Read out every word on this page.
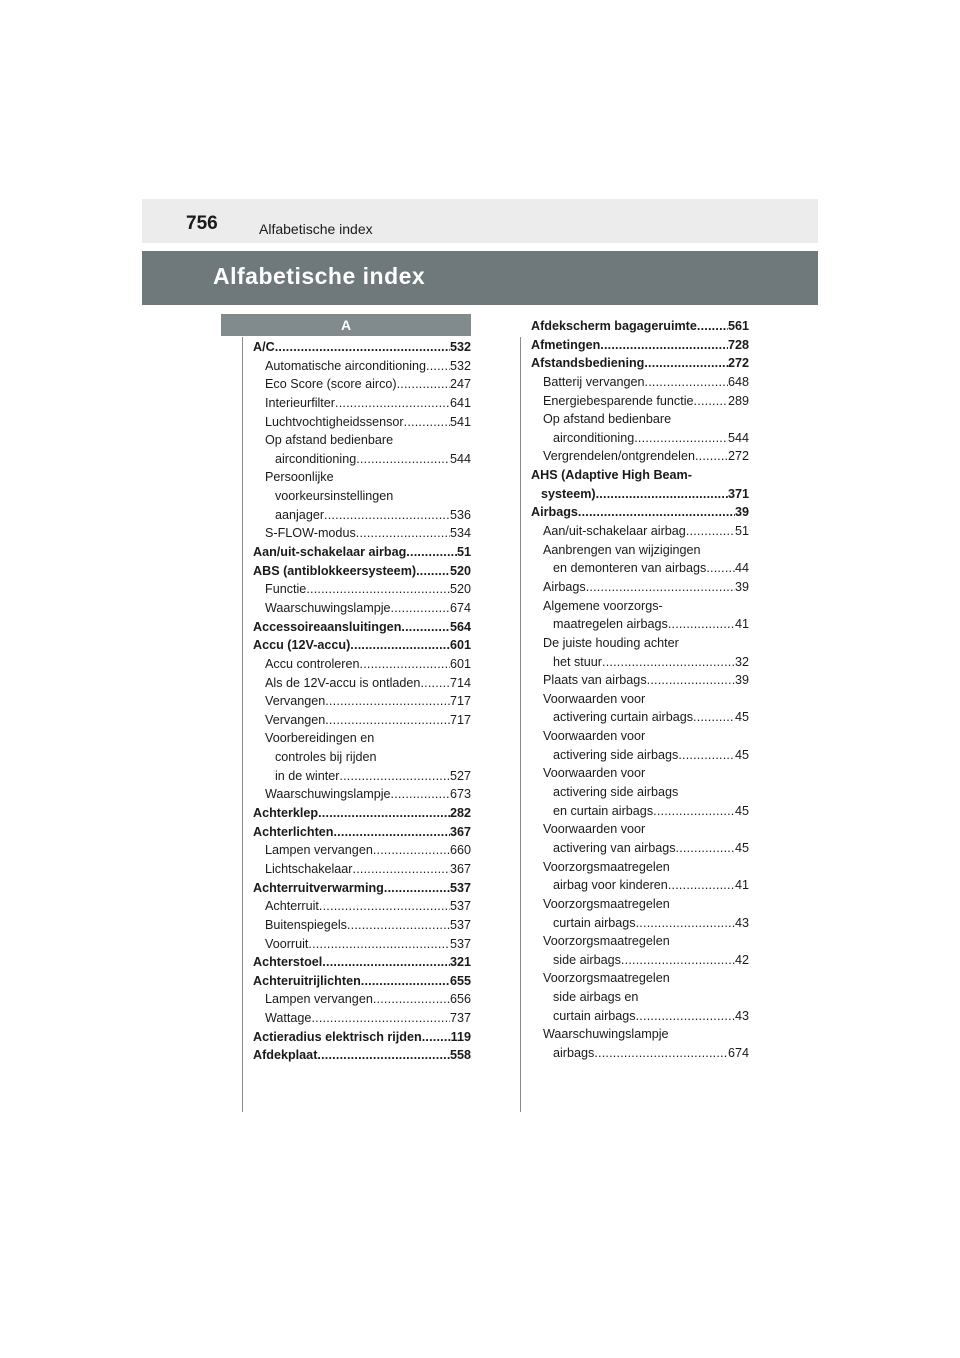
756	Alfabetische index
Alfabetische index
A
A/C .....	532
Automatische airconditioning ..... 532
Eco Score (score airco) .....	247
Interieurfilter .....	641
Luchtvochtigheidssensor .....	541
Op afstand bedienbare
airconditioning .....	544
Persoonlijke
voorkeursinstellingen
aanjager .....	536
S-FLOW-modus .....	534
Aan/uit-schakelaar airbag .....	51
ABS (antiblokkeersysteem) .....	520
Functie .....	520
Waarschuwingslampje .....	674
Accessoireaansluitingen .....	564
Accu (12V-accu) .....	601
Accu controleren .....	601
Als de 12V-accu is ontladen ..... 714
Vervangen .....	717
Vervangen .....	717
Voorbereidingen en
controles bij rijden
in de winter .....	527
Waarschuwingslampje .....	673
Achterklep .....	282
Achterlichten .....	367
Lampen vervangen .....	660
Lichtschakelaar .....	367
Achterruitverwarming .....	537
Achterruit .....	537
Buitenspiegels .....	537
Voorruit .....	537
Achterstoel .....	321
Achteruitrijlichten .....	655
Lampen vervangen .....	656
Wattage .....	737
Actieradius elektrisch rijden ..... 119
Afdekplaat .....	558
Afdekscherm bagageruimte ..... 561
Afmetingen .....	728
Afstandsbediening .....	272
Batterij vervangen .....	648
Energiebesparende functie .....	289
Op afstand bedienbare
airconditioning .....	544
Vergrendelen/ontgrendelen .....	272
AHS (Adaptive High Beam-
systeem) .....	371
Airbags .....	39
Aan/uit-schakelaar airbag .....	51
Aanbrengen van wijzigingen
en demonteren van airbags ..... 44
Airbags .....	39
Algemene voorzorgs-
maatregelen airbags .....	41
De juiste houding achter
het stuur .....	32
Plaats van airbags .....	39
Voorwaarden voor
activering curtain airbags .....	45
Voorwaarden voor
activering side airbags .....	45
Voorwaarden voor
activering side airbags
en curtain airbags .....	45
Voorwaarden voor
activering van airbags .....	45
Voorzorgsmaatregelen
airbag voor kinderen .....	41
Voorzorgsmaatregelen
curtain airbags .....	43
Voorzorgsmaatregelen
side airbags .....	42
Voorzorgsmaatregelen
side airbags en
curtain airbags .....	43
Waarschuwingslampje
airbags .....	674
